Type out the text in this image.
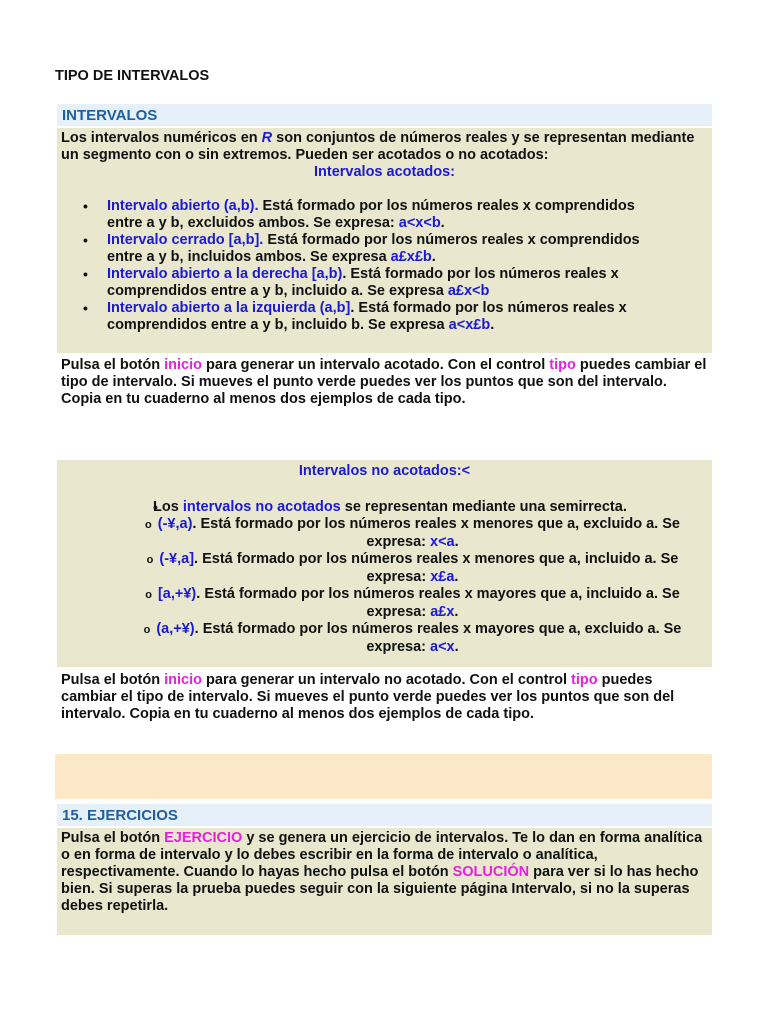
TIPO DE INTERVALOS
INTERVALOS
Los intervalos numéricos en R son conjuntos de números reales y se representan mediante un segmento con o sin extremos. Pueden ser acotados o no acotados:
Intervalos acotados:
• Intervalo abierto (a,b). Está formado por los números reales x comprendidos entre a y b, excluidos ambos. Se expresa: a<x<b.
• Intervalo cerrado [a,b]. Está formado por los números reales x comprendidos entre a y b, incluidos ambos. Se expresa a£x£b.
• Intervalo abierto a la derecha [a,b). Está formado por los números reales x comprendidos entre a y b, incluido a. Se expresa a£x<b
• Intervalo abierto a la izquierda (a,b]. Está formado por los números reales x comprendidos entre a y b, incluido b. Se expresa a<x£b.
Pulsa el botón inicio para generar un intervalo acotado. Con el control tipo puedes cambiar el tipo de intervalo. Si mueves el punto verde puedes ver los puntos que son del intervalo. Copia en tu cuaderno al menos dos ejemplos de cada tipo.
Intervalos no acotados:<
• Los intervalos no acotados se representan mediante una semirrecta.
o (-¥,a). Está formado por los números reales x menores que a, excluido a. Se expresa: x<a.
o (-¥,a]. Está formado por los números reales x menores que a, incluido a. Se expresa: x£a.
o [a,+¥). Está formado por los números reales x mayores que a, incluido a. Se expresa: a£x.
o (a,+¥). Está formado por los números reales x mayores que a, excluido a. Se expresa: a<x.
Pulsa el botón inicio para generar un intervalo no acotado. Con el control tipo puedes cambiar el tipo de intervalo. Si mueves el punto verde puedes ver los puntos que son del intervalo. Copia en tu cuaderno al menos dos ejemplos de cada tipo.
15. EJERCICIOS
Pulsa el botón EJERCICIO y se genera un ejercicio de intervalos. Te lo dan en forma analítica o en forma de intervalo y lo debes escribir en la forma de intervalo o analítica, respectivamente. Cuando lo hayas hecho pulsa el botón SOLUCIÓN para ver si lo has hecho bien. Si superas la prueba puedes seguir con la siguiente página Intervalo, si no la superas debes repetirla.
